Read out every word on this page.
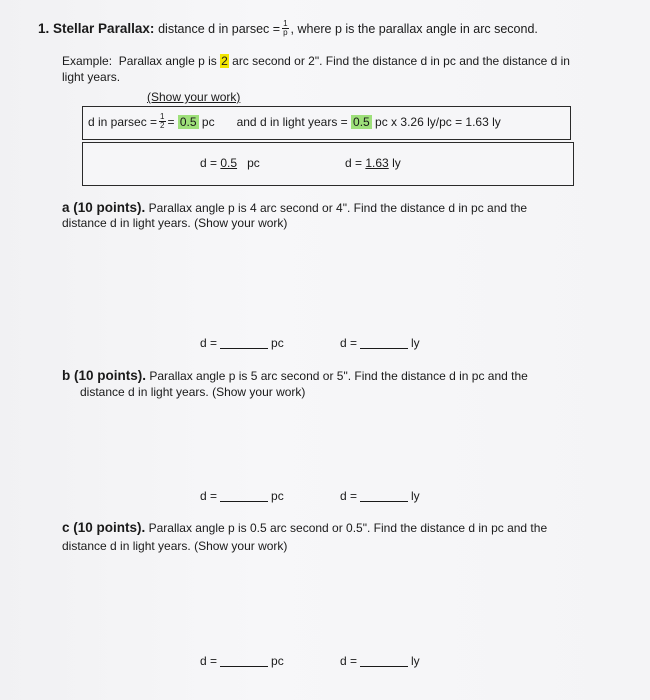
1.
Stellar Parallax:
distance d in $parsec = \frac{1}{p}$ , where p is the parallax angle in arc second.
Example:
Parallax angle p is
2
arc second or 2". Find the distance d in pc and the distance d in
light years.
(Show your work)
d in $parsec = \frac{1}{2}$ =
0.5
pc and
d in light years =
0.5
pc x 3.26 ly/pc = 1.63 ly
d = 0.5 pc	d = 1.63 ly
a (10 points). Parallax angle p is 4 arc second or 4". Find the distance d in pc and the
distance d in light years. (Show your work)
d =	pc	d =	ly
b (10 points). Parallax angle p is 5 arc second or 5". Find the distance d in pc and the
distance d in light years. (Show your work)
d =	pc	d =	ly
c (10 points). Parallax angle p is 0.5 arc second or 0.5". Find the distance d in pc and the
distance d in light years. (Show your work)
d =	pc	d =	ly
